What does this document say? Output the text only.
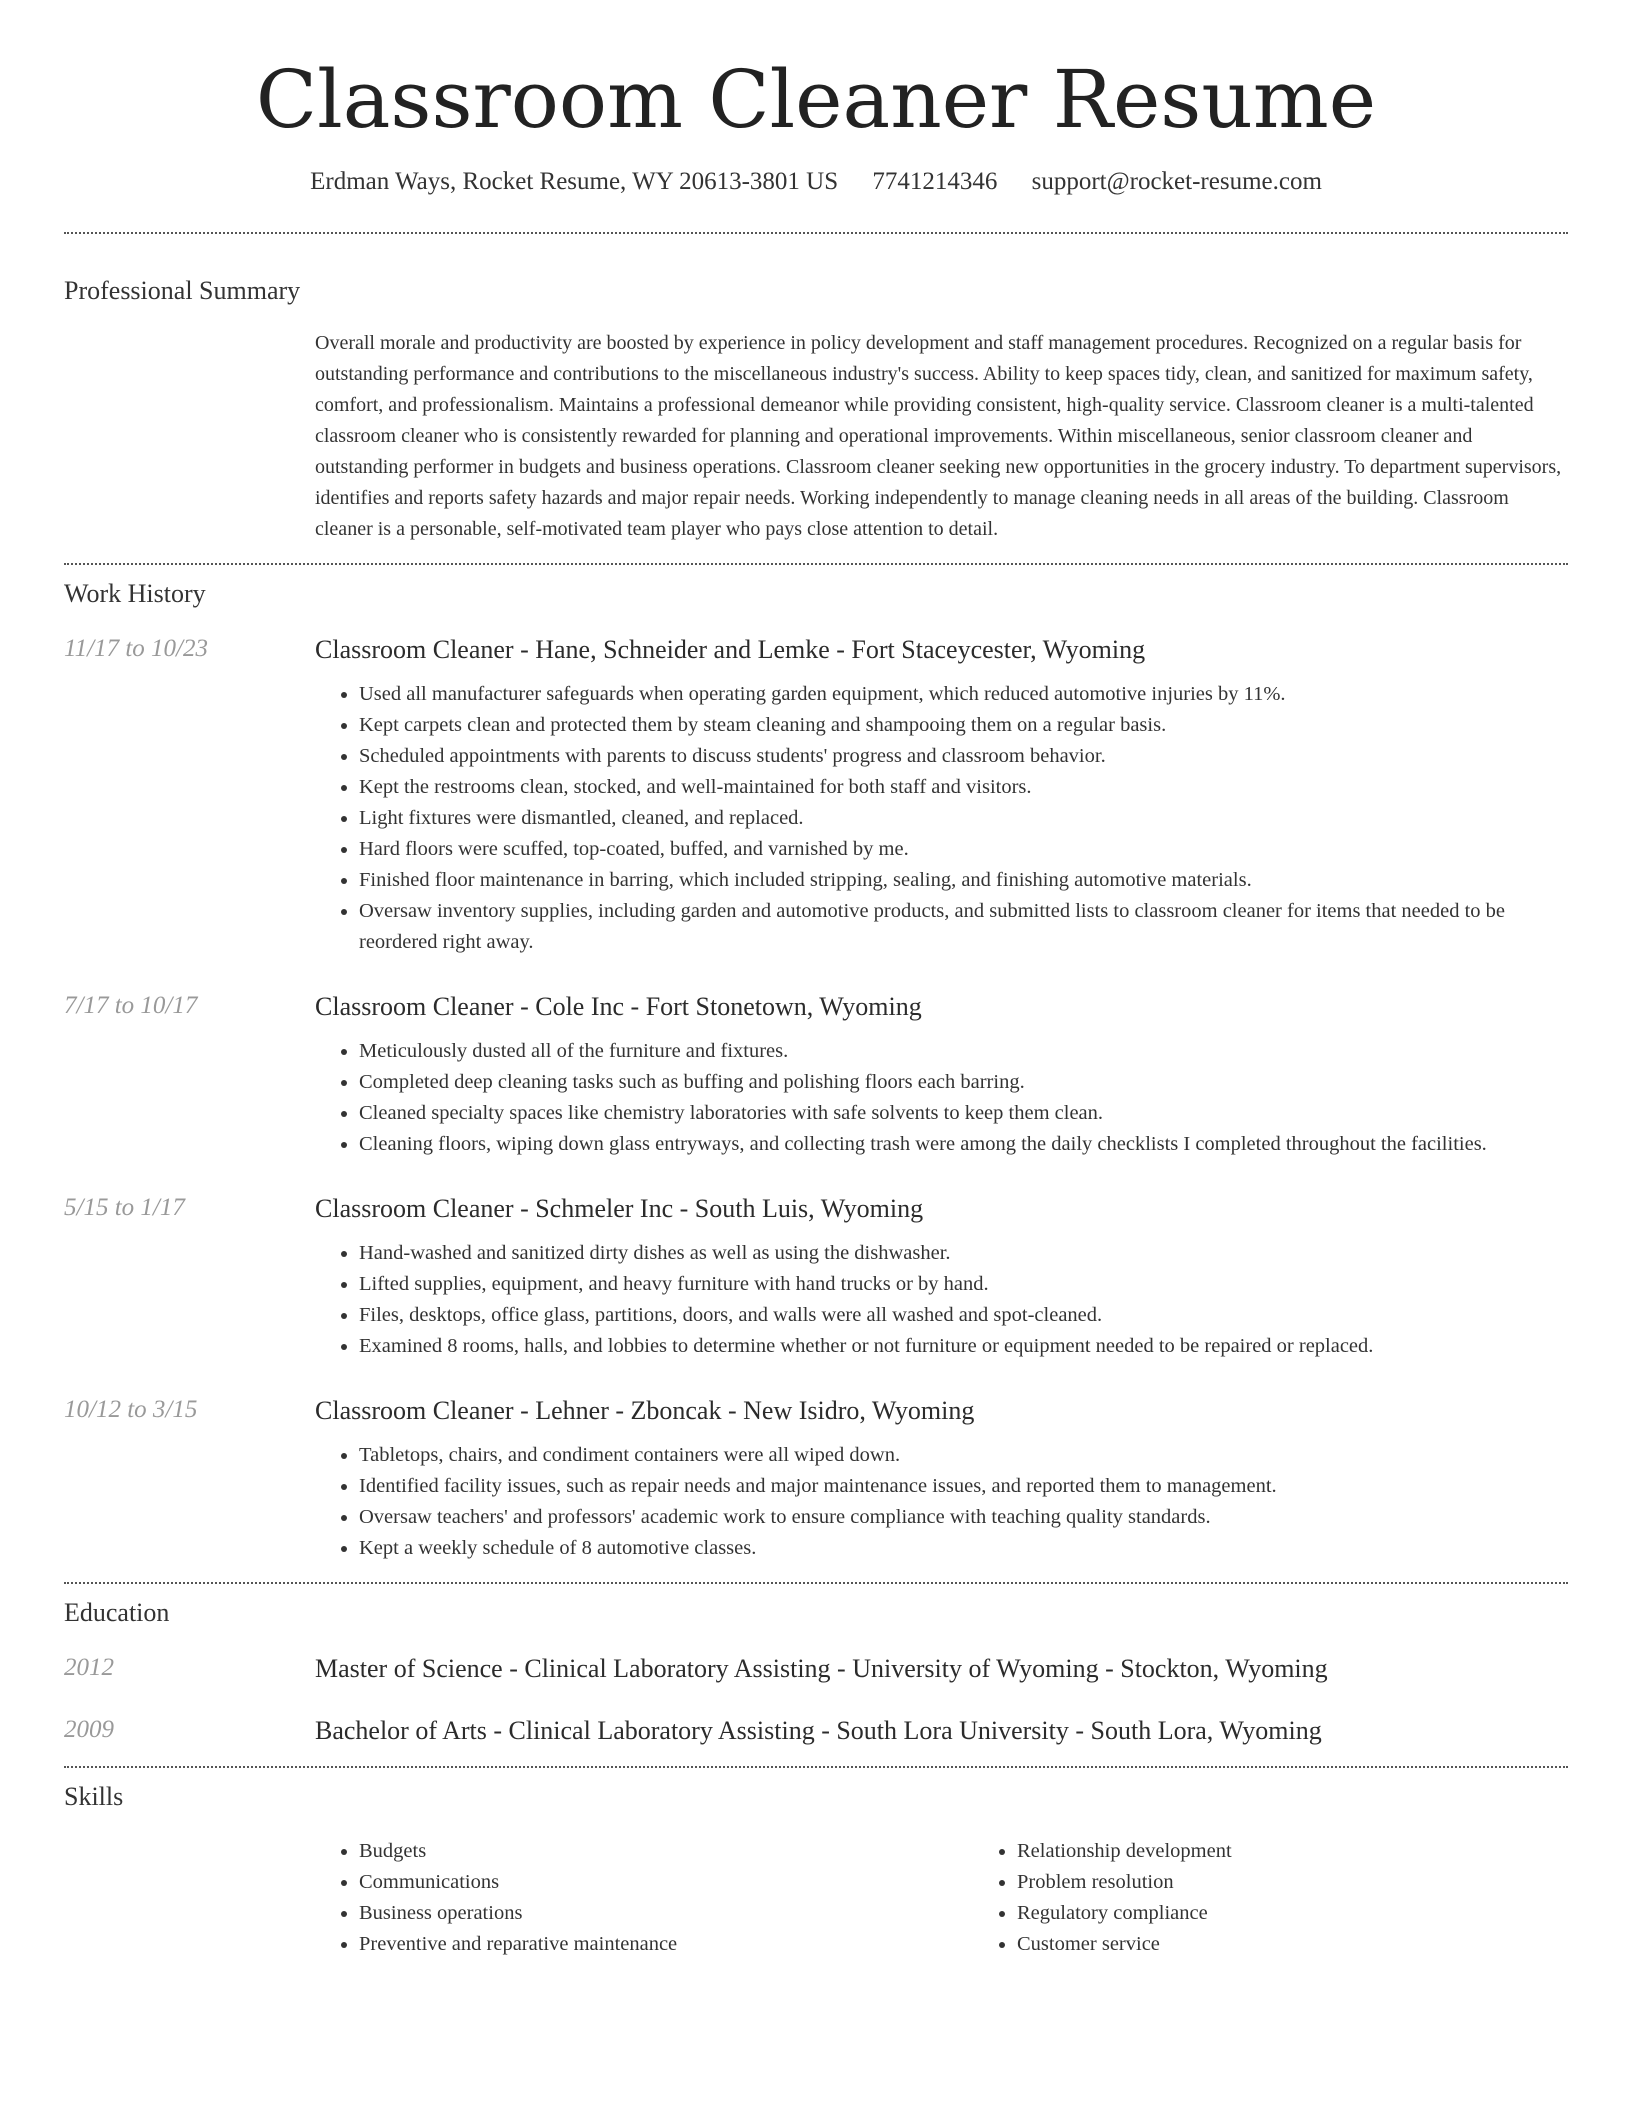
Classroom Cleaner Resume
Erdman Ways, Rocket Resume, WY 20613-3801 US 7741214346 support@rocket-resume.com
Professional Summary

Overall morale and productivity are boosted by experience in policy development and staff management procedures. Recognized on a regular basis for outstanding performance and contributions to the miscellaneous industry's success. Ability to keep spaces tidy, clean, and sanitized for maximum safety, comfort, and professionalism. Maintains a professional demeanor while providing consistent, high-quality service. Classroom cleaner is a multi-talented classroom cleaner who is consistently rewarded for planning and operational improvements. Within miscellaneous, senior classroom cleaner and outstanding performer in budgets and business operations. Classroom cleaner seeking new opportunities in the grocery industry. To department supervisors, identifies and reports safety hazards and major repair needs. Working independently to manage cleaning needs in all areas of the building. Classroom cleaner is a personable, self-motivated team player who pays close attention to detail.

Work History
11/17 to 10/23	Classroom Cleaner - Hane, Schneider and Lemke - Fort Staceycester, Wyoming
• Used all manufacturer safeguards when operating garden equipment, which reduced automotive injuries by 11%.
• Kept carpets clean and protected them by steam cleaning and shampooing them on a regular basis.
• Scheduled appointments with parents to discuss students' progress and classroom behavior.
• Kept the restrooms clean, stocked, and well-maintained for both staff and visitors.
• Light fixtures were dismantled, cleaned, and replaced.
• Hard floors were scuffed, top-coated, buffed, and varnished by me.
• Finished floor maintenance in barring, which included stripping, sealing, and finishing automotive materials.
• Oversaw inventory supplies, including garden and automotive products, and submitted lists to classroom cleaner for items that needed to be reordered right away.
7/17 to 10/17	Classroom Cleaner - Cole Inc - Fort Stonetown, Wyoming
• Meticulously dusted all of the furniture and fixtures.
• Completed deep cleaning tasks such as buffing and polishing floors each barring.
• Cleaned specialty spaces like chemistry laboratories with safe solvents to keep them clean.
• Cleaning floors, wiping down glass entryways, and collecting trash were among the daily checklists I completed throughout the facilities.
5/15 to 1/17	Classroom Cleaner - Schmeler Inc - South Luis, Wyoming
• Hand-washed and sanitized dirty dishes as well as using the dishwasher.
• Lifted supplies, equipment, and heavy furniture with hand trucks or by hand.
• Files, desktops, office glass, partitions, doors, and walls were all washed and spot-cleaned.
• Examined 8 rooms, halls, and lobbies to determine whether or not furniture or equipment needed to be repaired or replaced.
10/12 to 3/15	Classroom Cleaner - Lehner - Zboncak - New Isidro, Wyoming
• Tabletops, chairs, and condiment containers were all wiped down.
• Identified facility issues, such as repair needs and major maintenance issues, and reported them to management.
• Oversaw teachers' and professors' academic work to ensure compliance with teaching quality standards.
• Kept a weekly schedule of 8 automotive classes.
Education
2012	Master of Science - Clinical Laboratory Assisting - University of Wyoming - Stockton, Wyoming
2009	Bachelor of Arts - Clinical Laboratory Assisting - South Lora University - South Lora, Wyoming
Skills
• Budgets
• Communications
• Business operations
• Preventive and reparative maintenance
• Relationship development
• Problem resolution
• Regulatory compliance
• Customer service
